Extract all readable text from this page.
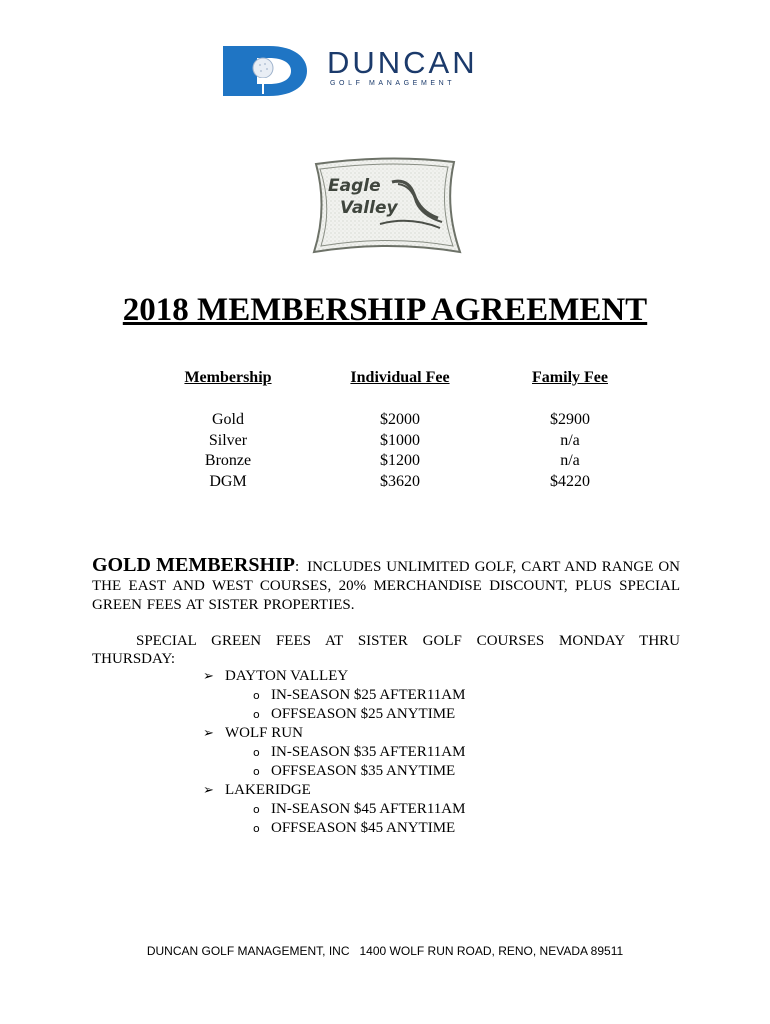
DUNCAN
GOLF MANAGEMENT
Eagle
Valley
2018 MEMBERSHIP AGREEMENT
Membership
Gold
Silver
Bronze
DGM
Individual Fee
$2000
$1000
$1200
$3620
Family Fee
$2900
n/a
n/a
$4220
GOLD MEMBERSHIP: INCLUDES UNLIMITED GOLF, CART AND RANGE ON THE EAST AND WEST COURSES, 20% MERCHANDISE DISCOUNT, PLUS SPECIAL GREEN FEES AT SISTER PROPERTIES.
SPECIAL GREEN FEES AT SISTER GOLF COURSES MONDAY THRU
THURSDAY:
➢ DAYTON VALLEY
o IN-SEASON $25 AFTER11AM
o OFFSEASON $25 ANYTIME
➢ WOLF RUN
o IN-SEASON $35 AFTER11AM
o OFFSEASON $35 ANYTIME
➢ LAKERIDGE
o IN-SEASON $45 AFTER11AM
o OFFSEASON $45 ANYTIME
DUNCAN GOLF MANAGEMENT, INC   1400 WOLF RUN ROAD, RENO, NEVADA 89511
